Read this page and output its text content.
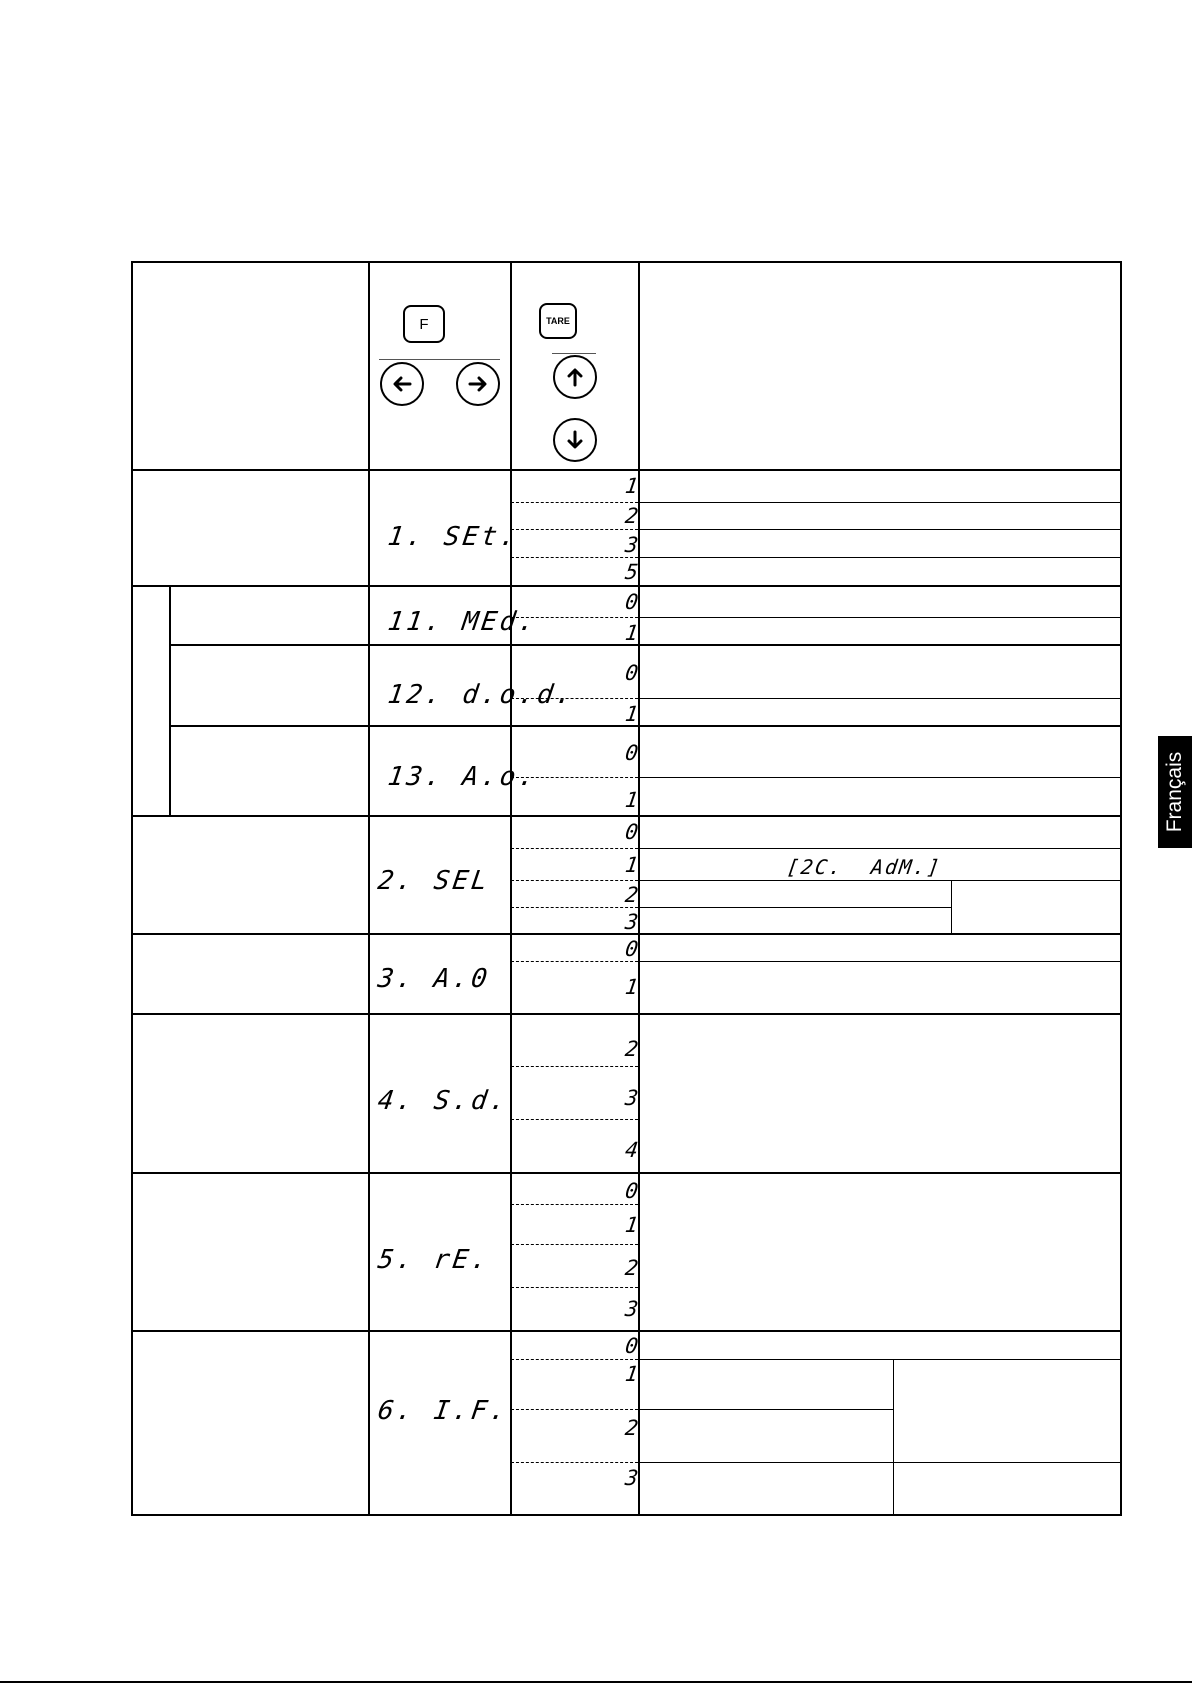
F	TARE
1. SEt.
11. MEd.
12. d.o.d.
13. A.o.
2. SEL
3. A.0
4. S.d.
5. rE.
6. I.F.
1
2
3
5
0
1
0
1
0
1
0
1
2
3
0
1
2
3
4
0
1
2
3
0
1
2
3
[2C.  AdM.]
Français
